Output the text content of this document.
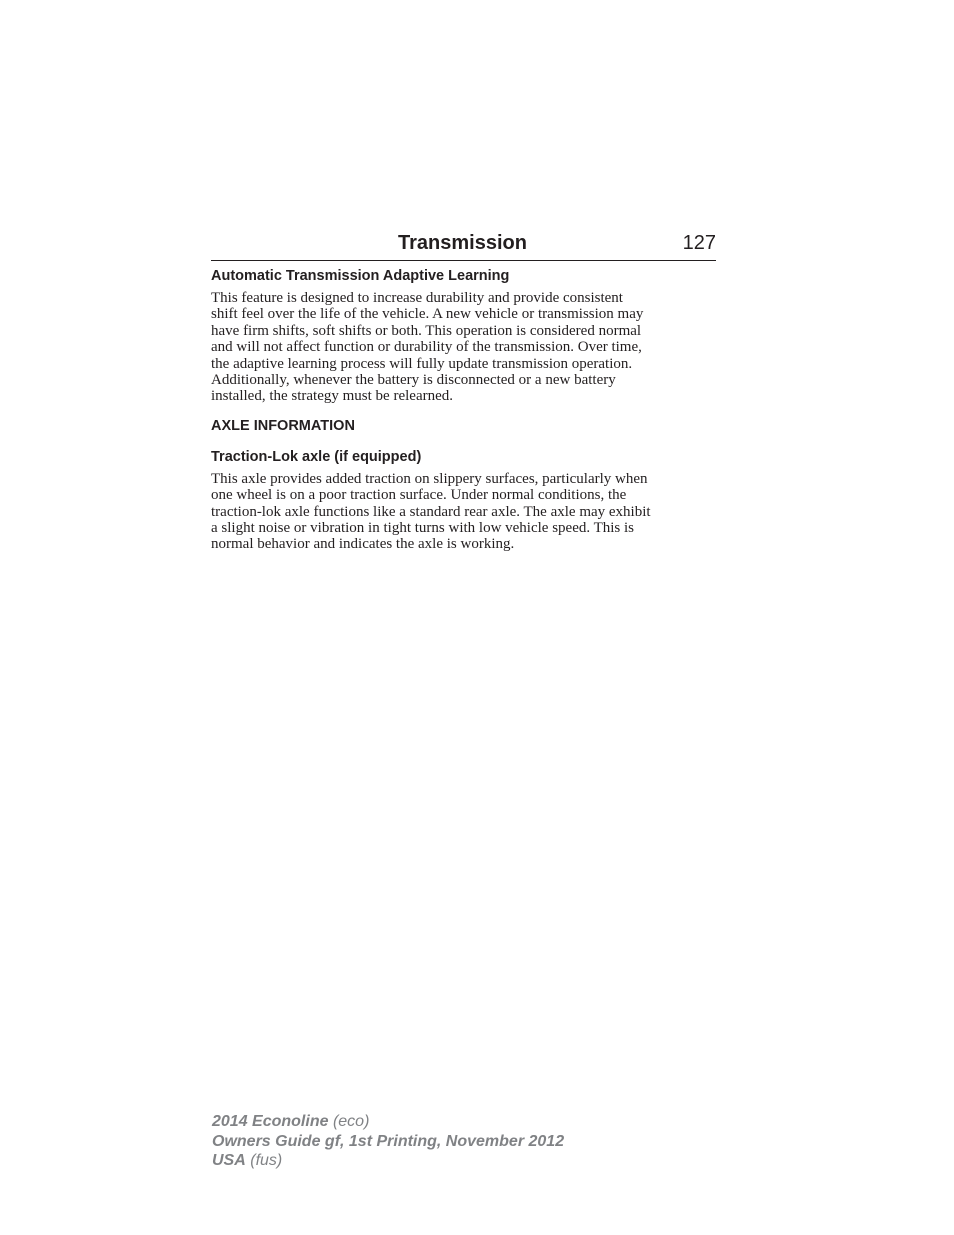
Transmission	127
Automatic Transmission Adaptive Learning

This feature is designed to increase durability and provide consistent
shift feel over the life of the vehicle. A new vehicle or transmission may
have firm shifts, soft shifts or both. This operation is considered normal
and will not affect function or durability of the transmission. Over time,
the adaptive learning process will fully update transmission operation.
Additionally, whenever the battery is disconnected or a new battery
installed, the strategy must be relearned.

AXLE INFORMATION
Traction-Lok axle (if equipped)

This axle provides added traction on slippery surfaces, particularly when
one wheel is on a poor traction surface. Under normal conditions, the
traction-lok axle functions like a standard rear axle. The axle may exhibit
a slight noise or vibration in tight turns with low vehicle speed. This is
normal behavior and indicates the axle is working.

2014 Econoline (eco)
Owners Guide gf, 1st Printing, November 2012
USA (fus)
